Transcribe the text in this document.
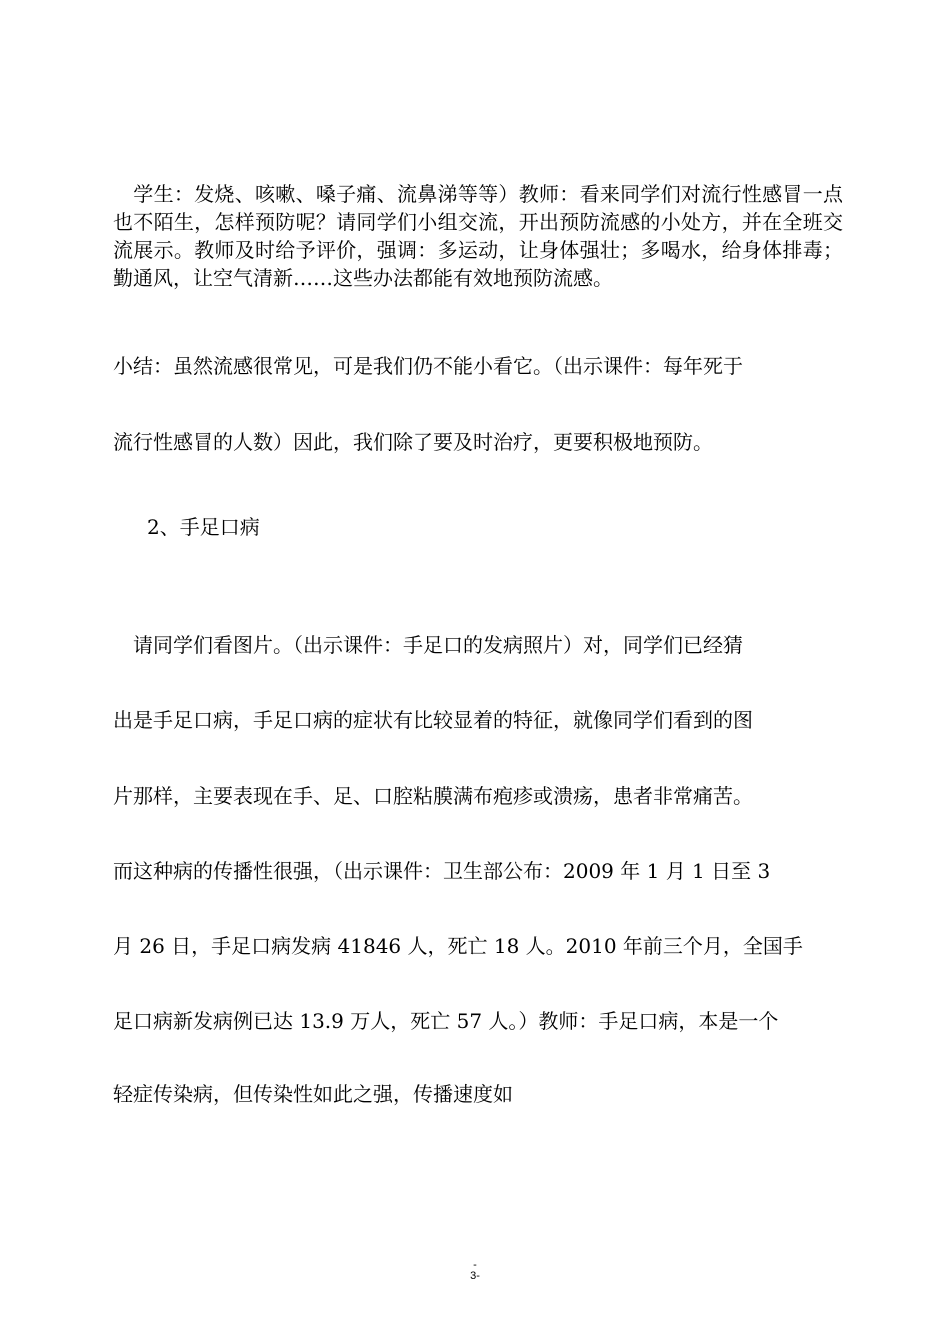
　学生：发烧、咳嗽、嗓子痛、流鼻涕等等）教师：看来同学们对流行性感冒一点也不陌生，怎样预防呢？请同学们小组交流，开出预防流感的小处方，并在全班交流展示。教师及时给予评价，强调：多运动，让身体强壮；多喝水，给身体排毒；勤通风，让空气清新……这些办法都能有效地预防流感。

小结：虽然流感很常见，可是我们仍不能小看它。（出示课件：每年死于

流行性感冒的人数）因此，我们除了要及时治疗，更要积极地预防。

2、手足口病

　请同学们看图片。（出示课件：手足口的发病照片）对，同学们已经猜

出是手足口病，手足口病的症状有比较显着的特征，就像同学们看到的图

片那样，主要表现在手、足、口腔粘膜满布疱疹或溃疡，患者非常痛苦。

而这种病的传播性很强，（出示课件：卫生部公布：2009 年 1 月 1 日至 3

月 26 日，手足口病发病 41846 人，死亡 18 人。2010 年前三个月，全国手

足口病新发病例已达 13.9 万人，死亡 57 人。）教师：手足口病，本是一个

轻症传染病，但传染性如此之强，传播速度如

-
3-
